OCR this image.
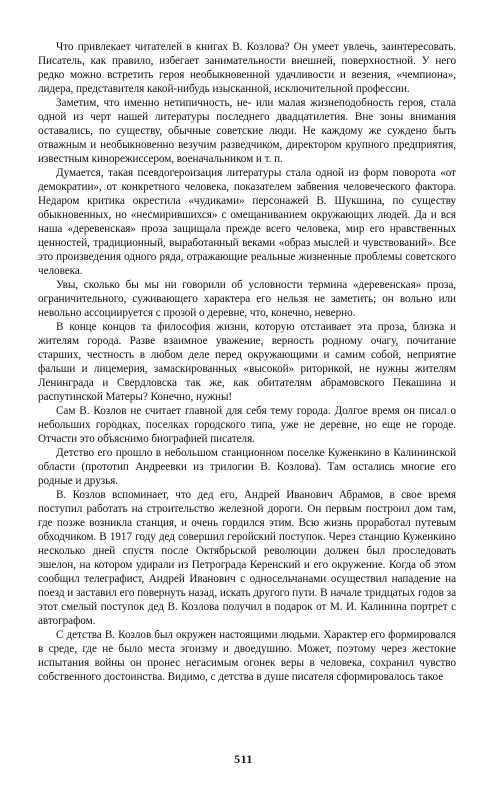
Что привлекает читателей в книгах В. Козлова? Он умеет увлечь, заинтересовать. Писатель, как правило, избегает занимательности внешней, поверхностной. У него редко можно встретить героя необыкновенной удачливости и везения, «чемпиона», лидера, представителя какой-нибудь изысканной, исключительной профессии.

Заметим, что именно нетипичность, не- или малая жизнеподобность героя, стала одной из черт нашей литературы последнего двадцатилетия. Вне зоны внимания оставались, по существу, обычные советские люди. Не каждому же суждено быть отважным и необыкновенно везучим разведчиком, директором крупного предприятия, известным кинорежиссером, военачальником и т. п.

Думается, такая псевдогероизация литературы стала одной из форм поворота «от демократии», от конкретного человека, показателем забвения человеческого фактора. Недаром критика окрестила «чудиками» персонажей В. Шукшина, по существу обыкновенных, но «несмирившихся» с омещаниванием окружающих людей. Да и вся наша «деревенская» проза защищала прежде всего человека, мир его нравственных ценностей, традиционный, выработанный веками «образ мыслей и чувствований». Все это произведения одного ряда, отражающие реальные жизненные проблемы советского человека.

Увы, сколько бы мы ни говорили об условности термина «деревенская» проза, ограничительного, суживающего характера его нельзя не заметить; он вольно или невольно ассоциируется с прозой о деревне, что, конечно, неверно.

В конце концов та философия жизни, которую отстаивает эта проза, близка и жителям города. Разве взаимное уважение, верность родному очагу, почитание старших, честность в любом деле перед окружающими и самим собой, неприятие фальши и лицемерия, замаскированных «высокой» риторикой, не нужны жителям Ленинграда и Свердловска так же, как обитателям абрамовского Пекашина и распутинской Матеры? Конечно, нужны!

Сам В. Козлов не считает главной для себя тему города. Долгое время он писал о небольших городках, поселках городского типа, уже не деревне, но еще не городе. Отчасти это объяснимо биографией писателя.

Детство его прошло в небольшом станционном поселке Куженкино в Калининской области (прототип Андреевки из трилогии В. Козлова). Там остались многие его родные и друзья.

В. Козлов вспоминает, что дед его, Андрей Иванович Абрамов, в свое время поступил работать на строительство железной дороги. Он первым построил дом там, где позже возникла станция, и очень гордился этим. Всю жизнь проработал путевым обходчиком. В 1917 году дед совершил геройский поступок. Через станцию Куженкино несколько дней спустя после Октябрьской революции должен был проследовать эшелон, на котором удирали из Петрограда Керенский и его окружение. Когда об этом сообщил телеграфист, Андрей Иванович с односельчанами осуществил нападение на поезд и заставил его повернуть назад, искать другого пути. В начале тридцатых годов за этот смелый поступок дед В. Козлова получил в подарок от М. И. Калинина портрет с автографом.

С детства В. Козлов был окружен настоящими людьми. Характер его формировался в среде, где не было места эгоизму и двоедушию. Может, поэтому через жестокие испытания войны он пронес негасимым огонек веры в человека, сохранил чувство собственного достоинства. Видимо, с детства в душе писателя сформировалось такое

511
